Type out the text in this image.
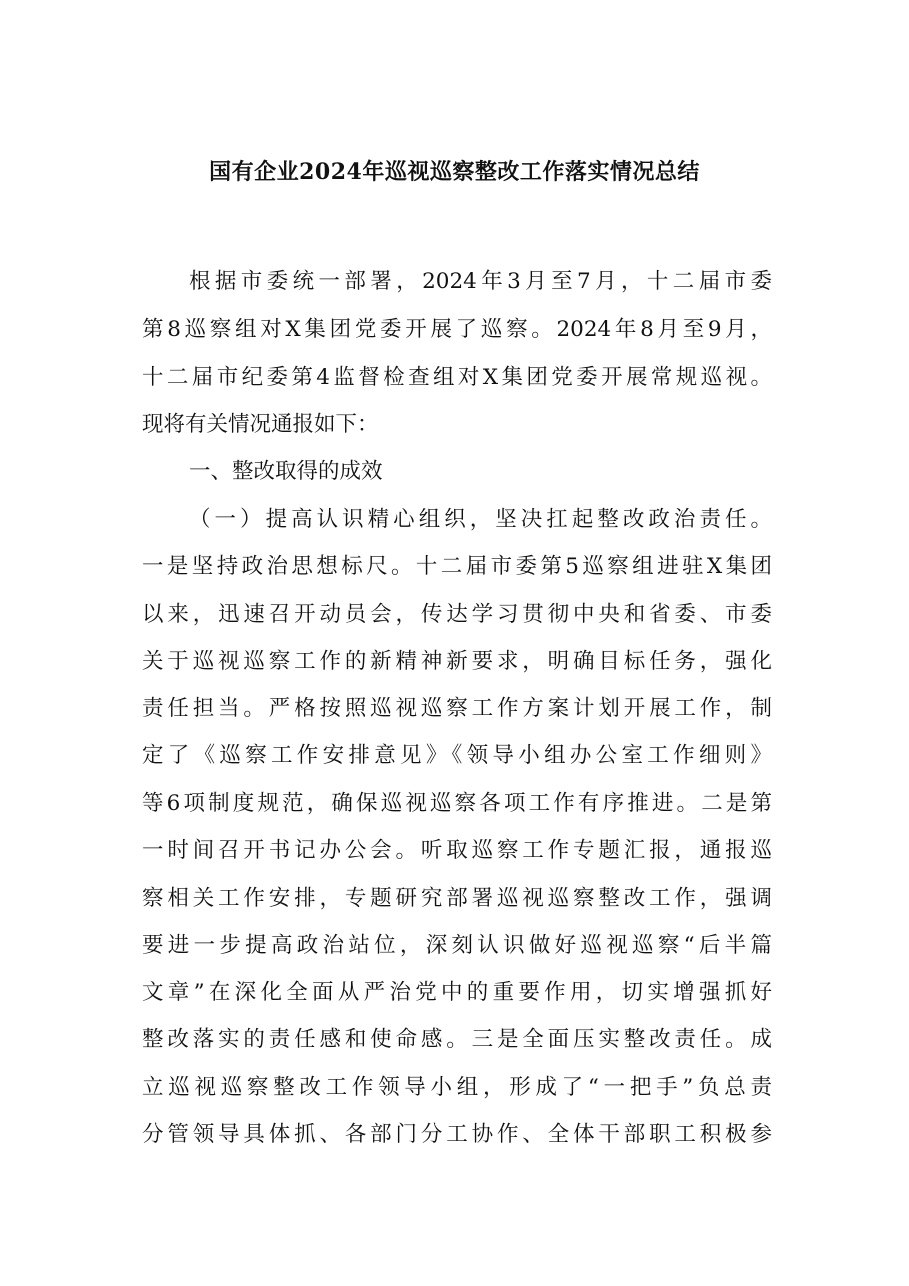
国有企业2024年巡视巡察整改工作落实情况总结
根据市委统一部署，2024年3月至7月，十二届市委
第8巡察组对X集团党委开展了巡察。2024年8月至9月，
十二届市纪委第4监督检查组对X集团党委开展常规巡视。
现将有关情况通报如下：
一、整改取得的成效
（一）提高认识精心组织，坚决扛起整改政治责任。
一是坚持政治思想标尺。十二届市委第5巡察组进驻X集团
以来，迅速召开动员会，传达学习贯彻中央和省委、市委
关于巡视巡察工作的新精神新要求，明确目标任务，强化
责任担当。严格按照巡视巡察工作方案计划开展工作，制
定了《巡察工作安排意见》《领导小组办公室工作细则》
等6项制度规范，确保巡视巡察各项工作有序推进。二是第
一时间召开书记办公会。听取巡察工作专题汇报，通报巡
察相关工作安排，专题研究部署巡视巡察整改工作，强调
要进一步提高政治站位，深刻认识做好巡视巡察“后半篇
文章”在深化全面从严治党中的重要作用，切实增强抓好
整改落实的责任感和使命感。三是全面压实整改责任。成
立巡视巡察整改工作领导小组，形成了“一把手”负总责
分管领导具体抓、各部门分工协作、全体干部职工积极参
